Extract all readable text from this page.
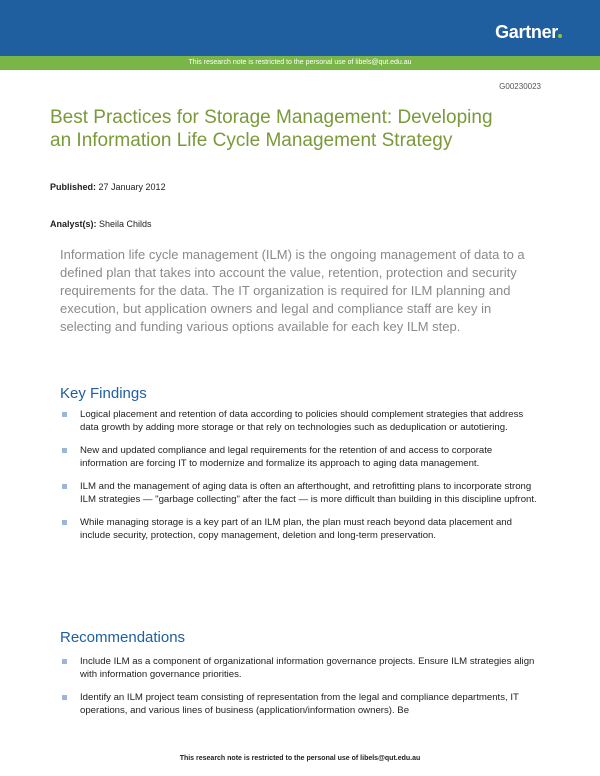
Gartner
This research note is restricted to the personal use of libels@qut.edu.au
G00230023
Best Practices for Storage Management: Developing an Information Life Cycle Management Strategy
Published: 27 January 2012
Analyst(s): Sheila Childs

Information life cycle management (ILM) is the ongoing management of data to a defined plan that takes into account the value, retention, protection and security requirements for the data. The IT organization is required for ILM planning and execution, but application owners and legal and compliance staff are key in selecting and funding various options available for each key ILM step.

Key Findings
Logical placement and retention of data according to policies should complement strategies that address data growth by adding more storage or that rely on technologies such as deduplication or autotiering.
New and updated compliance and legal requirements for the retention of and access to corporate information are forcing IT to modernize and formalize its approach to aging data management.
ILM and the management of aging data is often an afterthought, and retrofitting plans to incorporate strong ILM strategies — "garbage collecting" after the fact — is more difficult than building in this discipline upfront.
While managing storage is a key part of an ILM plan, the plan must reach beyond data placement and include security, protection, copy management, deletion and long-term preservation.
Recommendations
Include ILM as a component of organizational information governance projects. Ensure ILM strategies align with information governance priorities.
Identify an ILM project team consisting of representation from the legal and compliance departments, IT operations, and various lines of business (application/information owners). Be
This research note is restricted to the personal use of libels@qut.edu.au
